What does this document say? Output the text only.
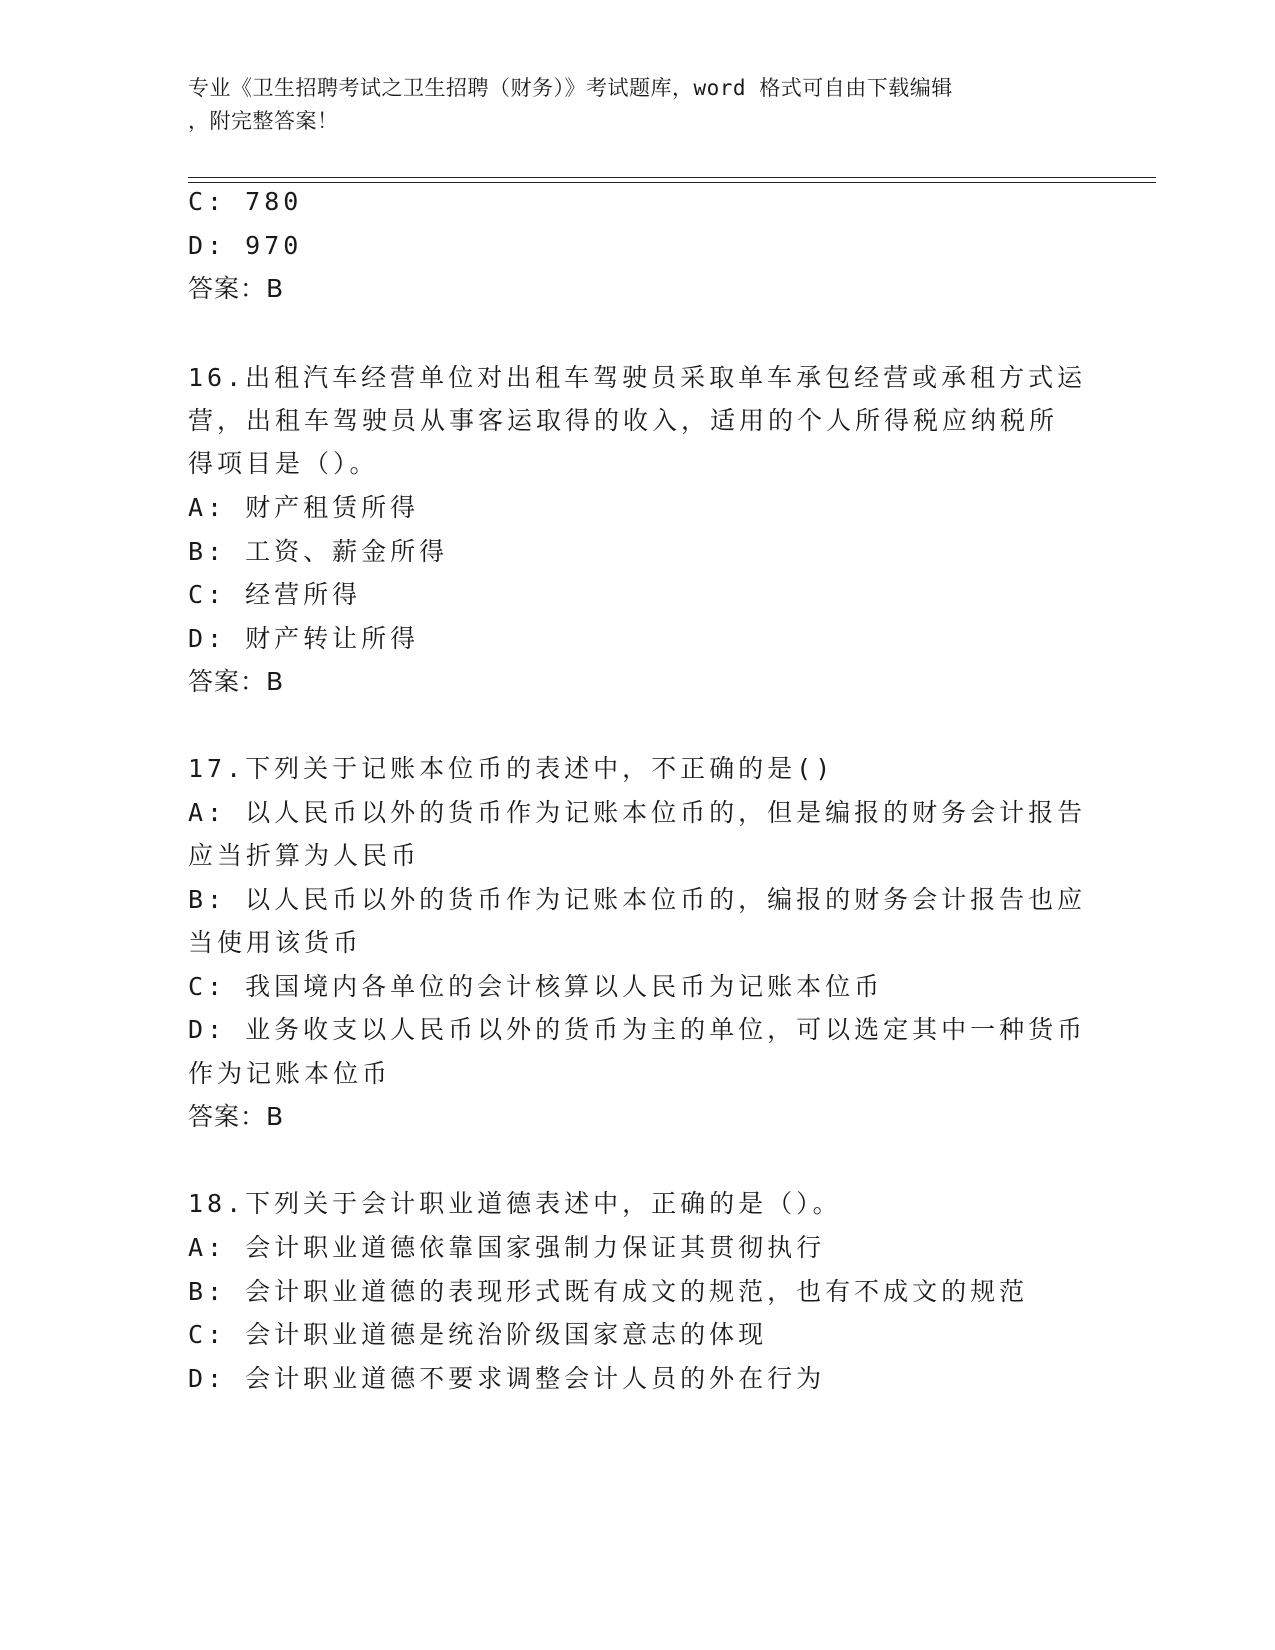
专业《卫生招聘考试之卫生招聘（财务）》考试题库，word 格式可自由下载编辑
，附完整答案！
C: 780
D: 970
答案：B
16.出租汽车经营单位对出租车驾驶员采取单车承包经营或承租方式运
营，出租车驾驶员从事客运取得的收入，适用的个人所得税应纳税所
得项目是（）。
A: 财产租赁所得
B: 工资、薪金所得
C: 经营所得
D: 财产转让所得
答案：B
17.下列关于记账本位币的表述中，不正确的是()
A: 以人民币以外的货币作为记账本位币的，但是编报的财务会计报告
应当折算为人民币
B: 以人民币以外的货币作为记账本位币的，编报的财务会计报告也应
当使用该货币
C: 我国境内各单位的会计核算以人民币为记账本位币
D: 业务收支以人民币以外的货币为主的单位，可以选定其中一种货币
作为记账本位币
答案：B
18.下列关于会计职业道德表述中，正确的是（）。
A: 会计职业道德依靠国家强制力保证其贯彻执行
B: 会计职业道德的表现形式既有成文的规范，也有不成文的规范
C: 会计职业道德是统治阶级国家意志的体现
D: 会计职业道德不要求调整会计人员的外在行为
